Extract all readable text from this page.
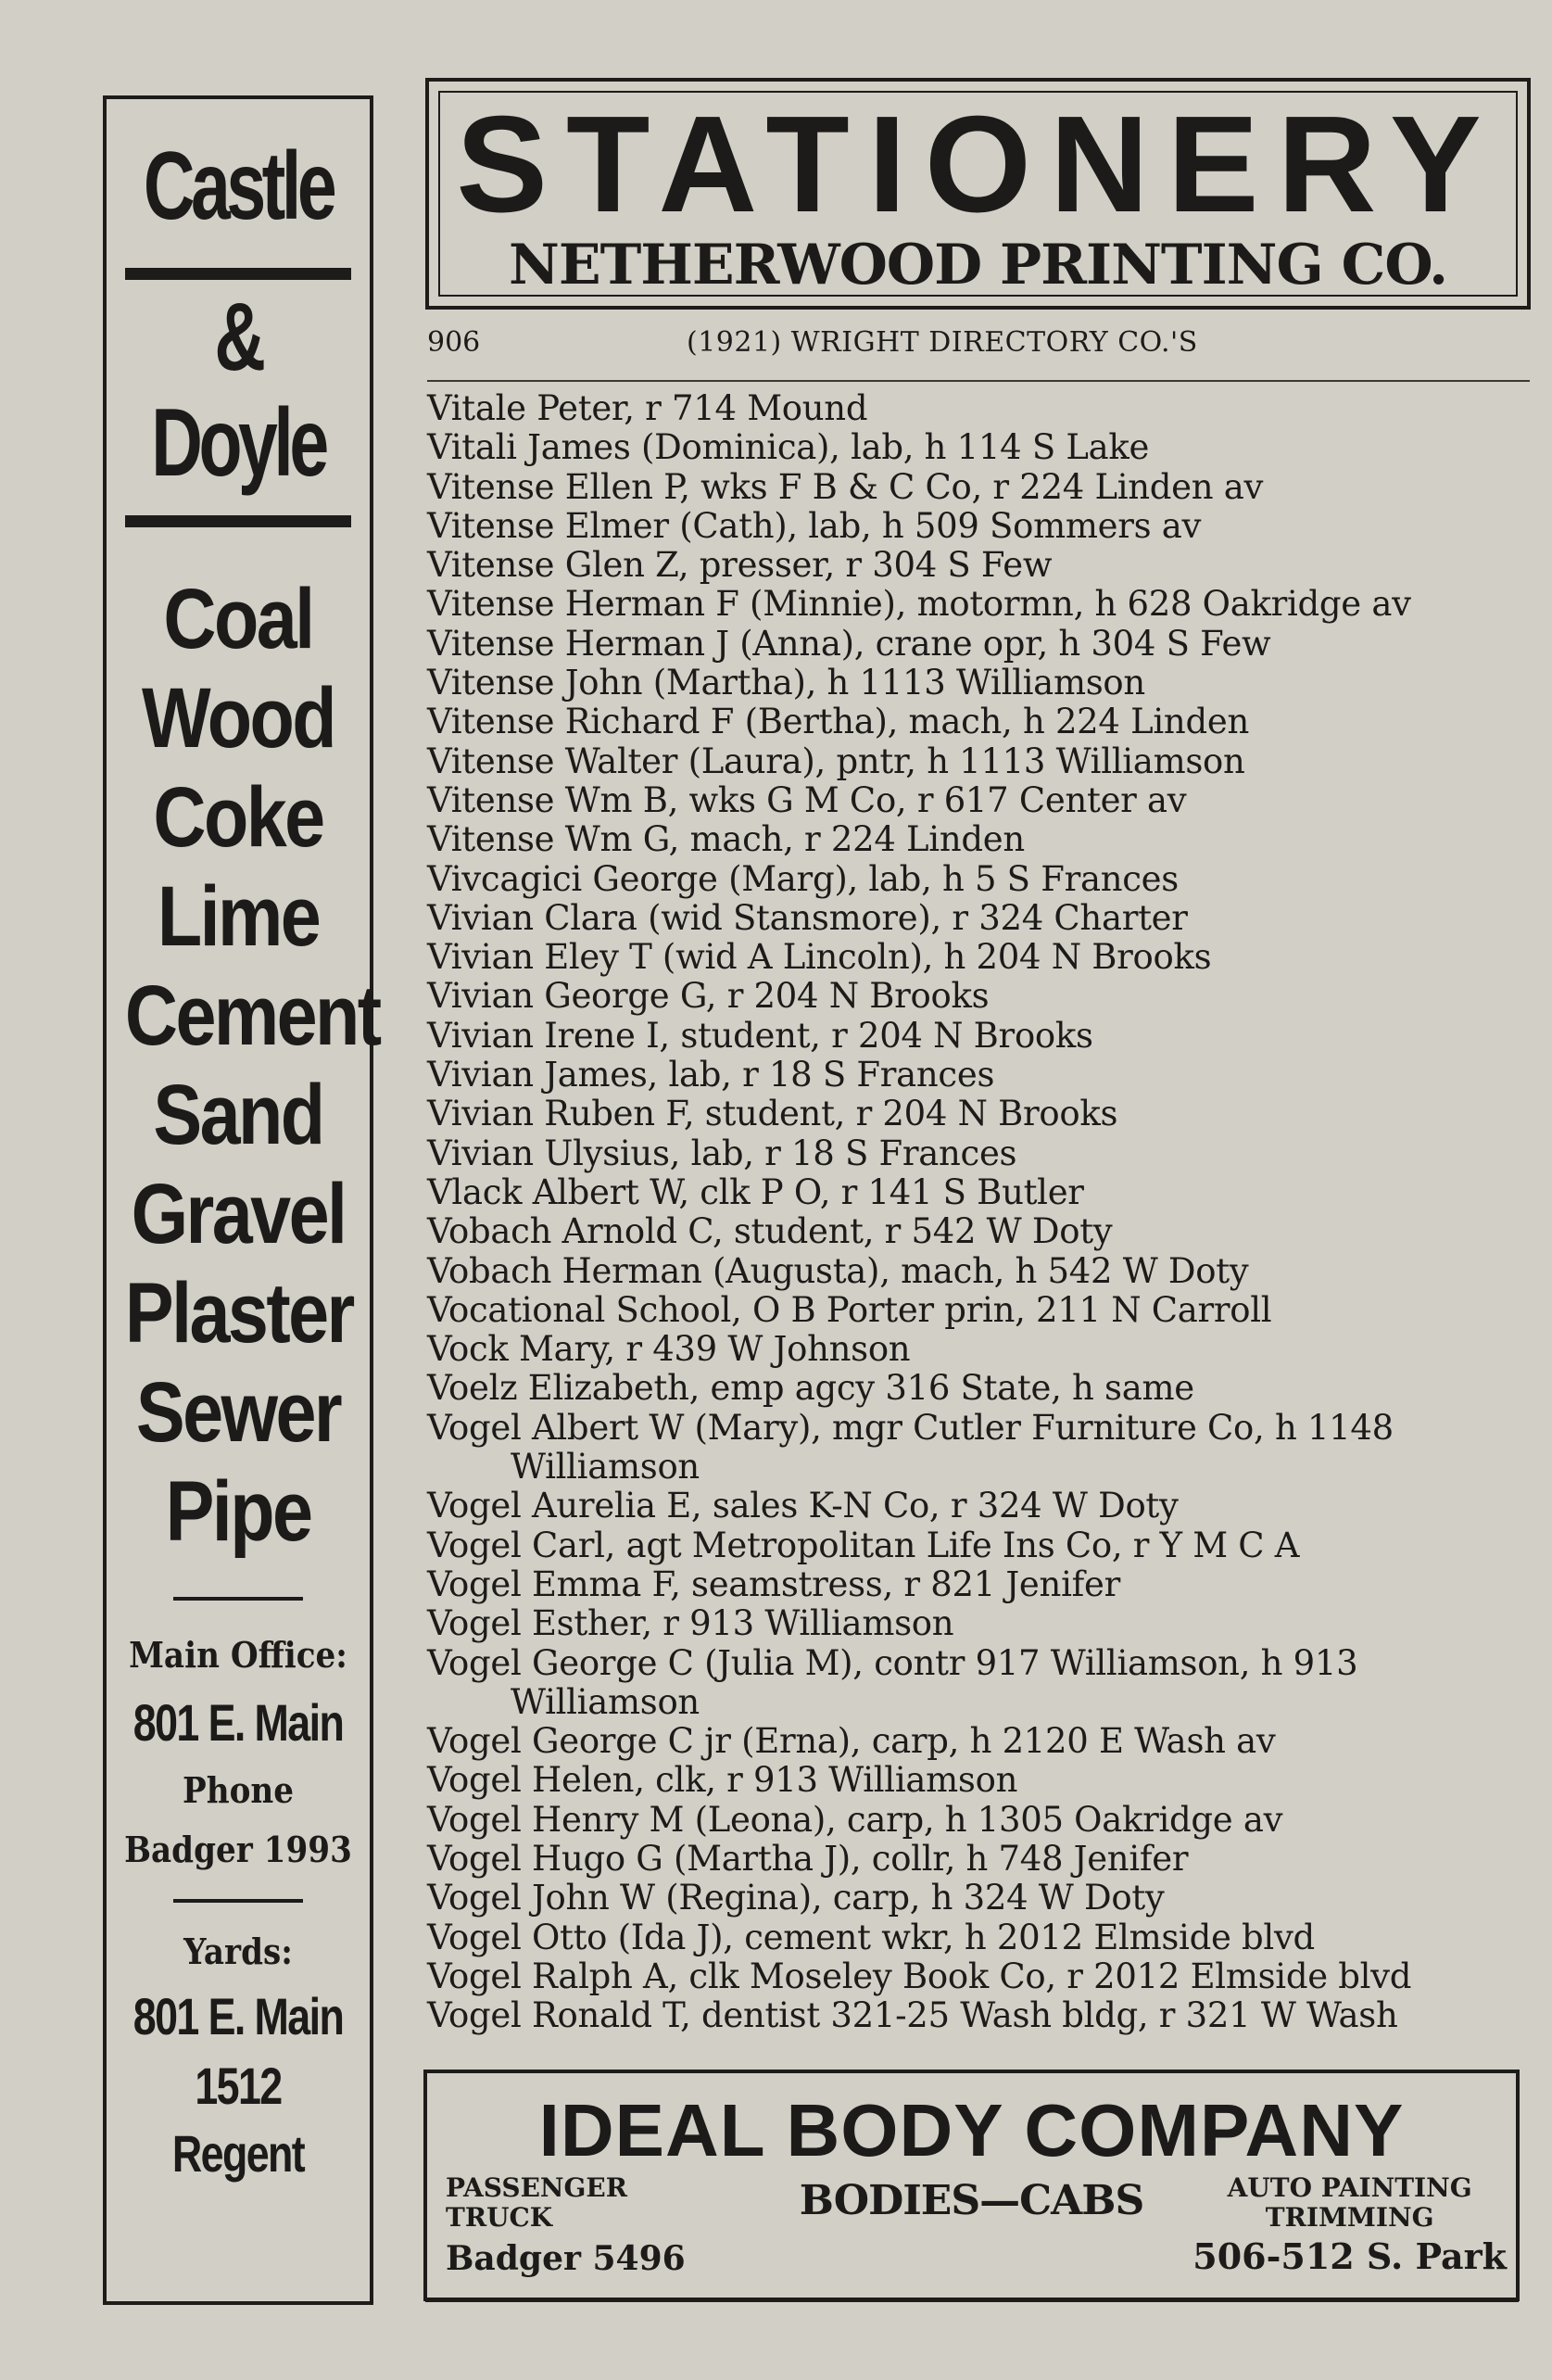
Castle
&
Doyle
Coal
Wood
Coke
Lime
Cement
Sand
Gravel
Plaster
Sewer
Pipe
Main Office:
801 E. Main
Phone
Badger 1993
Yards:
801 E. Main
1512 Regent
STATIONERY
NETHERWOOD PRINTING CO.
906	(1921) WRIGHT DIRECTORY CO.'S
Vitale Peter, r 714 Mound
Vitali James (Dominica), lab, h 114 S Lake
Vitense Ellen P, wks F B & C Co, r 224 Linden av
Vitense Elmer (Cath), lab, h 509 Sommers av
Vitense Glen Z, presser, r 304 S Few
Vitense Herman F (Minnie), motormn, h 628 Oakridge av
Vitense Herman J (Anna), crane opr, h 304 S Few
Vitense John (Martha), h 1113 Williamson
Vitense Richard F (Bertha), mach, h 224 Linden
Vitense Walter (Laura), pntr, h 1113 Williamson
Vitense Wm B, wks G M Co, r 617 Center av
Vitense Wm G, mach, r 224 Linden
Vivcagici George (Marg), lab, h 5 S Frances
Vivian Clara (wid Stansmore), r 324 Charter
Vivian Eley T (wid A Lincoln), h 204 N Brooks
Vivian George G, r 204 N Brooks
Vivian Irene I, student, r 204 N Brooks
Vivian James, lab, r 18 S Frances
Vivian Ruben F, student, r 204 N Brooks
Vivian Ulysius, lab, r 18 S Frances
Vlack Albert W, clk P O, r 141 S Butler
Vobach Arnold C, student, r 542 W Doty
Vobach Herman (Augusta), mach, h 542 W Doty
Vocational School, O B Porter prin, 211 N Carroll
Vock Mary, r 439 W Johnson
Voelz Elizabeth, emp agcy 316 State, h same
Vogel Albert W (Mary), mgr Cutler Furniture Co, h 1148
Williamson
Vogel Aurelia E, sales K-N Co, r 324 W Doty
Vogel Carl, agt Metropolitan Life Ins Co, r Y M C A
Vogel Emma F, seamstress, r 821 Jenifer
Vogel Esther, r 913 Williamson
Vogel George C (Julia M), contr 917 Williamson, h 913
Williamson
Vogel George C jr (Erna), carp, h 2120 E Wash av
Vogel Helen, clk, r 913 Williamson
Vogel Henry M (Leona), carp, h 1305 Oakridge av
Vogel Hugo G (Martha J), collr, h 748 Jenifer
Vogel John W (Regina), carp, h 324 W Doty
Vogel Otto (Ida J), cement wkr, h 2012 Elmside blvd
Vogel Ralph A, clk Moseley Book Co, r 2012 Elmside blvd
Vogel Ronald T, dentist 321-25 Wash bldg, r 321 W Wash
IDEAL BODY COMPANY
PASSENGER
TRUCK
Badger 5496
BODIES—CABS	AUTO PAINTING
TRIMMING
506-512 S. Park
